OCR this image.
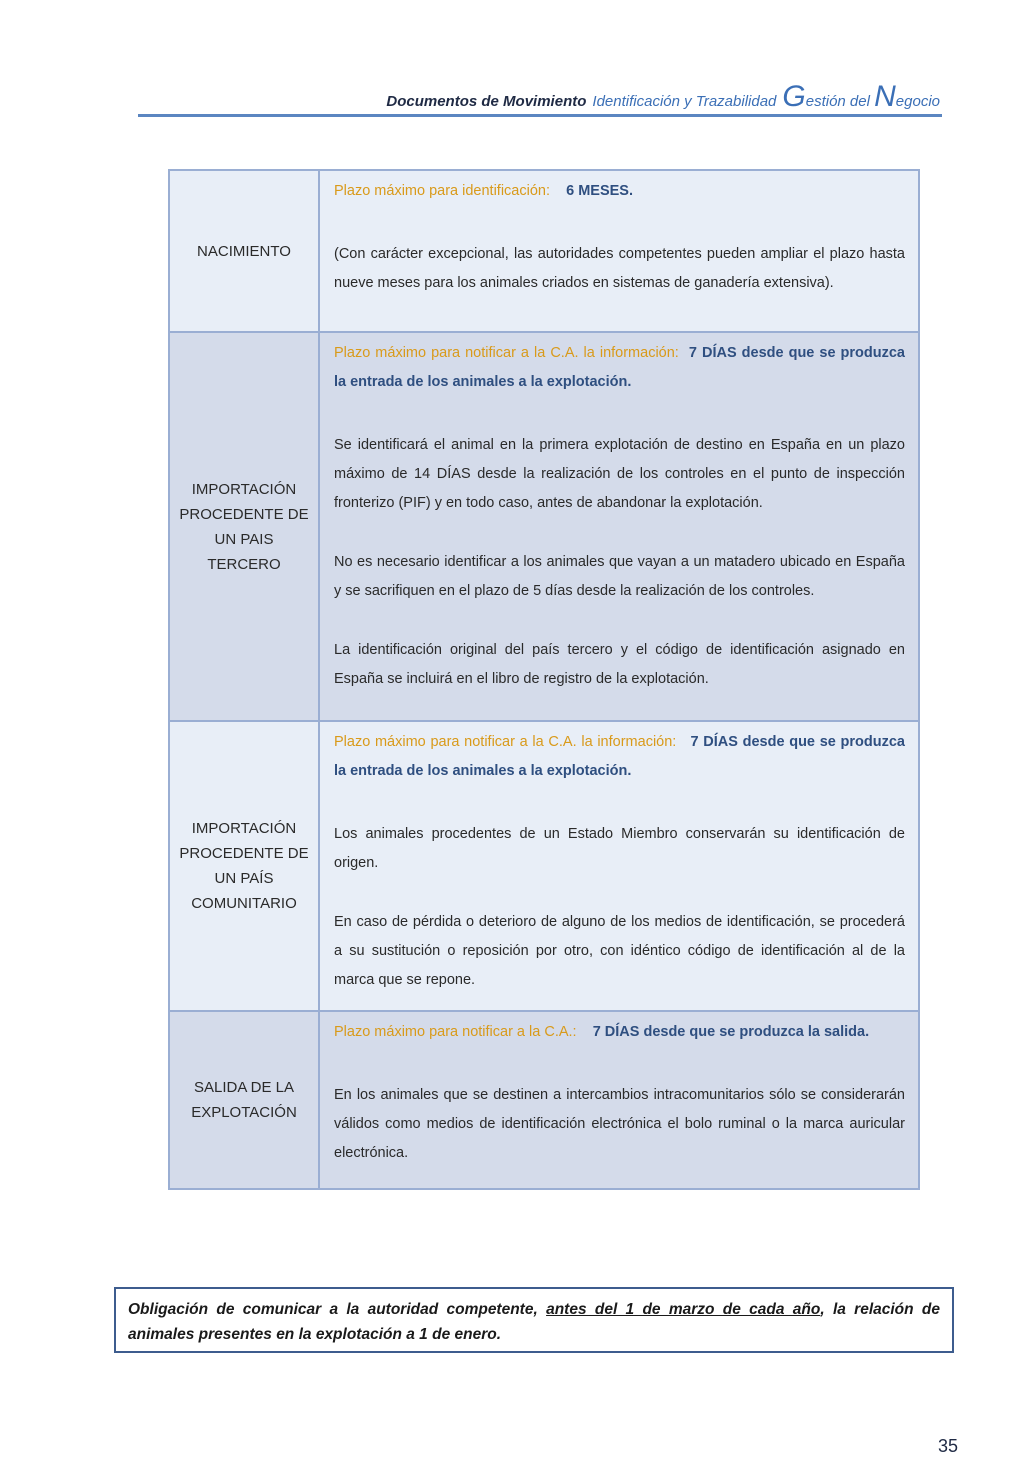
Documentos de Movimiento Identificación y Trazabilidad Gestión del Negocio
NACIMIENTO

Plazo máximo para identificación: 6 MESES.

(Con carácter excepcional, las autoridades competentes pueden ampliar el plazo hasta nueve meses para los animales criados en sistemas de ganadería extensiva).

IMPORTACIÓN PROCEDENTE DE UN PAIS TERCERO

Plazo máximo para notificar a la C.A. la información: 7 DÍAS desde que se produzca la entrada de los animales a la explotación.

Se identificará el animal en la primera explotación de destino en España en un plazo máximo de 14 DÍAS desde la realización de los controles en el punto de inspección fronterizo (PIF) y en todo caso, antes de abandonar la explotación.

No es necesario identificar a los animales que vayan a un matadero ubicado en España y se sacrifiquen en el plazo de 5 días desde la realización de los controles.

La identificación original del país tercero y el código de identificación asignado en España se incluirá en el libro de registro de la explotación.

IMPORTACIÓN PROCEDENTE DE UN PAÍS COMUNITARIO

Plazo máximo para notificar a la C.A. la información: 7 DÍAS desde que se produzca la entrada de los animales a la explotación.

Los animales procedentes de un Estado Miembro conservarán su identificación de origen.

En caso de pérdida o deterioro de alguno de los medios de identificación, se procederá a su sustitución o reposición por otro, con idéntico código de identificación al de la marca que se repone.

SALIDA DE LA EXPLOTACIÓN

Plazo máximo para notificar a la C.A.: 7 DÍAS desde que se produzca la salida.

En los animales que se destinen a intercambios intracomunitarios sólo se considerarán válidos como medios de identificación electrónica el bolo ruminal o la marca auricular electrónica.

Obligación de comunicar a la autoridad competente, antes del 1 de marzo de cada año, la relación de animales presentes en la explotación a 1 de enero.
35
